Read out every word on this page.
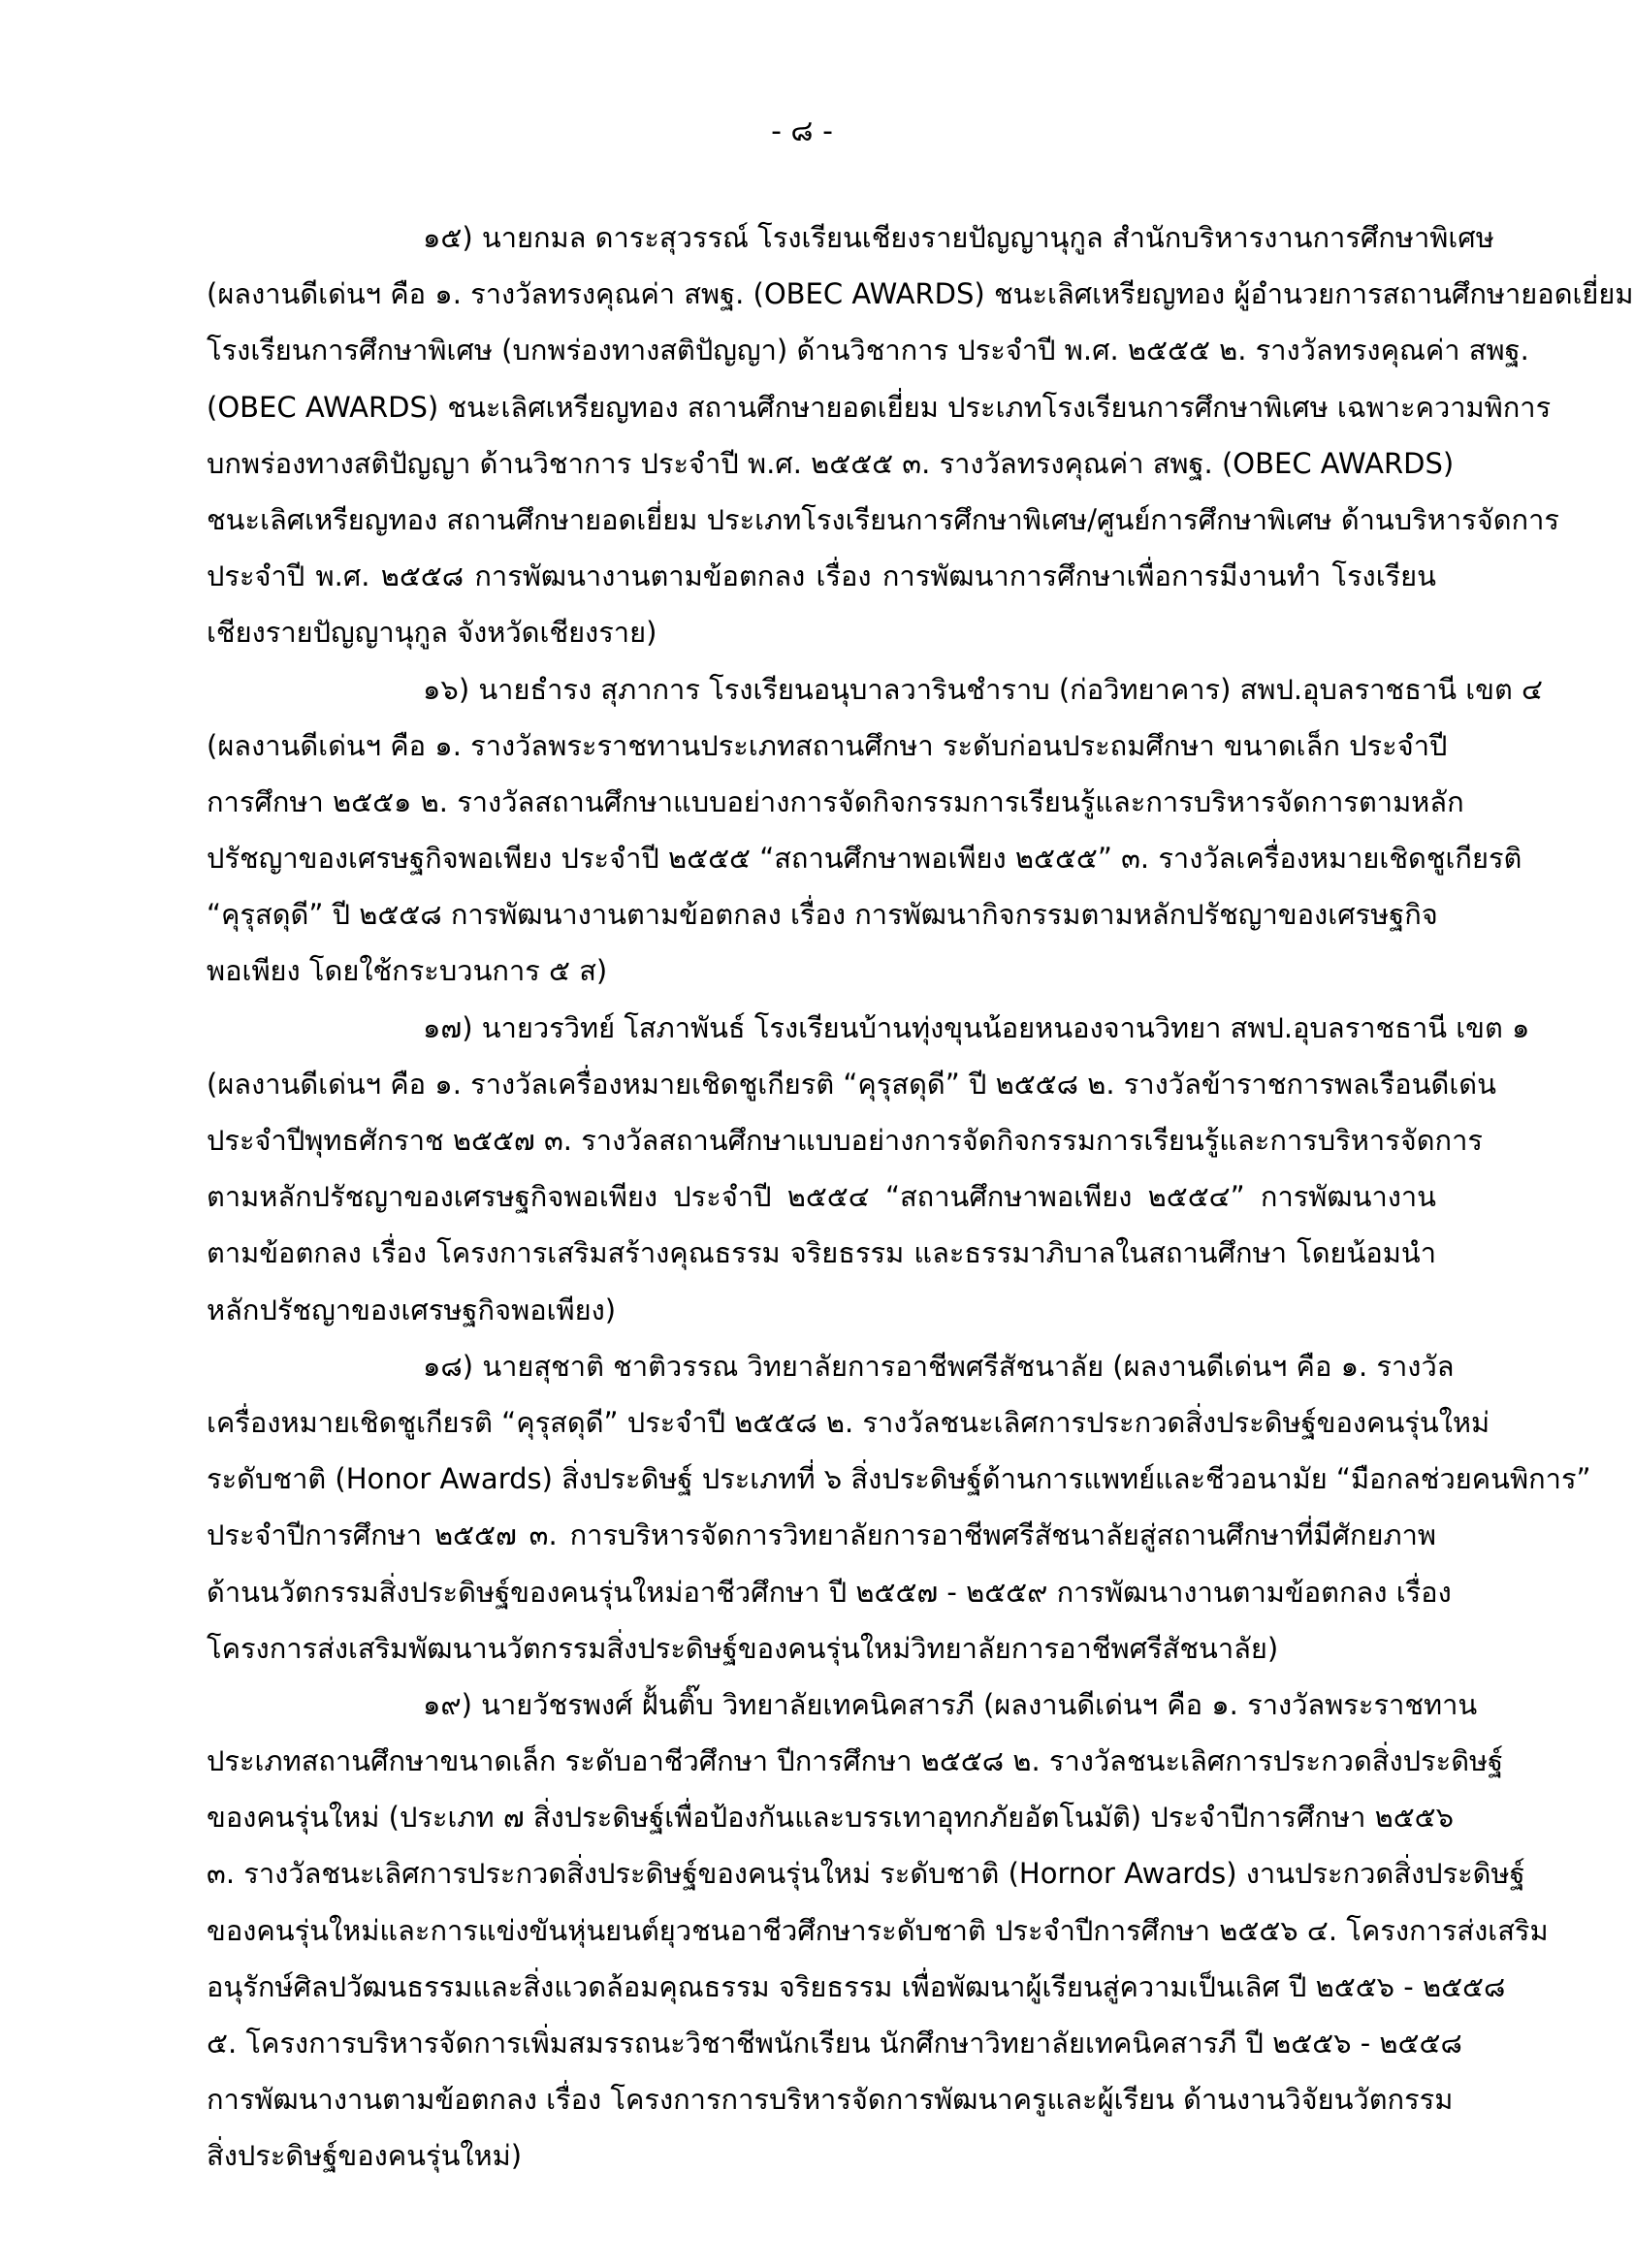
- ๘ -
๑๕) นายกมล ดาระสุวรรณ์ โรงเรียนเชียงรายปัญญานุกูล สำนักบริหารงานการศึกษาพิเศษ
(ผลงานดีเด่นฯ คือ ๑. รางวัลทรงคุณค่า สพฐ. (OBEC AWARDS) ชนะเลิศเหรียญทอง ผู้อำนวยการสถานศึกษายอดเยี่ยม
โรงเรียนการศึกษาพิเศษ (บกพร่องทางสติปัญญา) ด้านวิชาการ ประจำปี พ.ศ. ๒๕๕๕ ๒. รางวัลทรงคุณค่า สพฐ.
(OBEC AWARDS) ชนะเลิศเหรียญทอง สถานศึกษายอดเยี่ยม ประเภทโรงเรียนการศึกษาพิเศษ เฉพาะความพิการ
บกพร่องทางสติปัญญา ด้านวิชาการ ประจำปี พ.ศ. ๒๕๕๕ ๓. รางวัลทรงคุณค่า สพฐ. (OBEC AWARDS)
ชนะเลิศเหรียญทอง สถานศึกษายอดเยี่ยม ประเภทโรงเรียนการศึกษาพิเศษ/ศูนย์การศึกษาพิเศษ ด้านบริหารจัดการ
ประจำปี พ.ศ. ๒๕๕๘ การพัฒนางานตามข้อตกลง เรื่อง การพัฒนาการศึกษาเพื่อการมีงานทำ โรงเรียน
เชียงรายปัญญานุกูล จังหวัดเชียงราย)
๑๖) นายธำรง สุภาการ โรงเรียนอนุบาลวารินชำราบ (ก่อวิทยาคาร) สพป.อุบลราชธานี เขต ๔
(ผลงานดีเด่นฯ คือ ๑. รางวัลพระราชทานประเภทสถานศึกษา ระดับก่อนประถมศึกษา ขนาดเล็ก ประจำปี
การศึกษา ๒๕๕๑ ๒. รางวัลสถานศึกษาแบบอย่างการจัดกิจกรรมการเรียนรู้และการบริหารจัดการตามหลัก
ปรัชญาของเศรษฐกิจพอเพียง ประจำปี ๒๕๕๕ “สถานศึกษาพอเพียง ๒๕๕๕” ๓. รางวัลเครื่องหมายเชิดชูเกียรติ
“คุรุสดุดี” ปี ๒๕๕๘ การพัฒนางานตามข้อตกลง เรื่อง การพัฒนากิจกรรมตามหลักปรัชญาของเศรษฐกิจ
พอเพียง โดยใช้กระบวนการ ๕ ส)
๑๗) นายวรวิทย์ โสภาพันธ์ โรงเรียนบ้านทุ่งขุนน้อยหนองจานวิทยา สพป.อุบลราชธานี เขต ๑
(ผลงานดีเด่นฯ คือ ๑. รางวัลเครื่องหมายเชิดชูเกียรติ “คุรุสดุดี” ปี ๒๕๕๘ ๒. รางวัลข้าราชการพลเรือนดีเด่น
ประจำปีพุทธศักราช ๒๕๕๗ ๓. รางวัลสถานศึกษาแบบอย่างการจัดกิจกรรมการเรียนรู้และการบริหารจัดการ
ตามหลักปรัชญาของเศรษฐกิจพอเพียง ประจำปี ๒๕๕๔ “สถานศึกษาพอเพียง ๒๕๕๔” การพัฒนางาน
ตามข้อตกลง เรื่อง โครงการเสริมสร้างคุณธรรม จริยธรรม และธรรมาภิบาลในสถานศึกษา โดยน้อมนำ
หลักปรัชญาของเศรษฐกิจพอเพียง)
๑๘) นายสุชาติ ชาติวรรณ วิทยาลัยการอาชีพศรีสัชนาลัย (ผลงานดีเด่นฯ คือ ๑. รางวัล
เครื่องหมายเชิดชูเกียรติ “คุรุสดุดี” ประจำปี ๒๕๕๘ ๒. รางวัลชนะเลิศการประกวดสิ่งประดิษฐ์ของคนรุ่นใหม่
ระดับชาติ (Honor Awards) สิ่งประดิษฐ์ ประเภทที่ ๖ สิ่งประดิษฐ์ด้านการแพทย์และชีวอนามัย “มือกลช่วยคนพิการ”
ประจำปีการศึกษา ๒๕๕๗ ๓. การบริหารจัดการวิทยาลัยการอาชีพศรีสัชนาลัยสู่สถานศึกษาที่มีศักยภาพ
ด้านนวัตกรรมสิ่งประดิษฐ์ของคนรุ่นใหม่อาชีวศึกษา ปี ๒๕๕๗ - ๒๕๕๙ การพัฒนางานตามข้อตกลง เรื่อง
โครงการส่งเสริมพัฒนานวัตกรรมสิ่งประดิษฐ์ของคนรุ่นใหม่วิทยาลัยการอาชีพศรีสัชนาลัย)
๑๙) นายวัชรพงศ์ ฝั้นติ๊บ วิทยาลัยเทคนิคสารภี (ผลงานดีเด่นฯ คือ ๑. รางวัลพระราชทาน
ประเภทสถานศึกษาขนาดเล็ก ระดับอาชีวศึกษา ปีการศึกษา ๒๕๕๘ ๒. รางวัลชนะเลิศการประกวดสิ่งประดิษฐ์
ของคนรุ่นใหม่ (ประเภท ๗ สิ่งประดิษฐ์เพื่อป้องกันและบรรเทาอุทกภัยอัตโนมัติ) ประจำปีการศึกษา ๒๕๕๖
๓. รางวัลชนะเลิศการประกวดสิ่งประดิษฐ์ของคนรุ่นใหม่ ระดับชาติ (Hornor Awards) งานประกวดสิ่งประดิษฐ์
ของคนรุ่นใหม่และการแข่งขันหุ่นยนต์ยุวชนอาชีวศึกษาระดับชาติ ประจำปีการศึกษา ๒๕๕๖ ๔. โครงการส่งเสริม
อนุรักษ์ศิลปวัฒนธรรมและสิ่งแวดล้อมคุณธรรม จริยธรรม เพื่อพัฒนาผู้เรียนสู่ความเป็นเลิศ ปี ๒๕๕๖ - ๒๕๕๘
๕. โครงการบริหารจัดการเพิ่มสมรรถนะวิชาชีพนักเรียน นักศึกษาวิทยาลัยเทคนิคสารภี ปี ๒๕๕๖ - ๒๕๕๘
การพัฒนางานตามข้อตกลง เรื่อง โครงการการบริหารจัดการพัฒนาครูและผู้เรียน ด้านงานวิจัยนวัตกรรม
สิ่งประดิษฐ์ของคนรุ่นใหม่)
